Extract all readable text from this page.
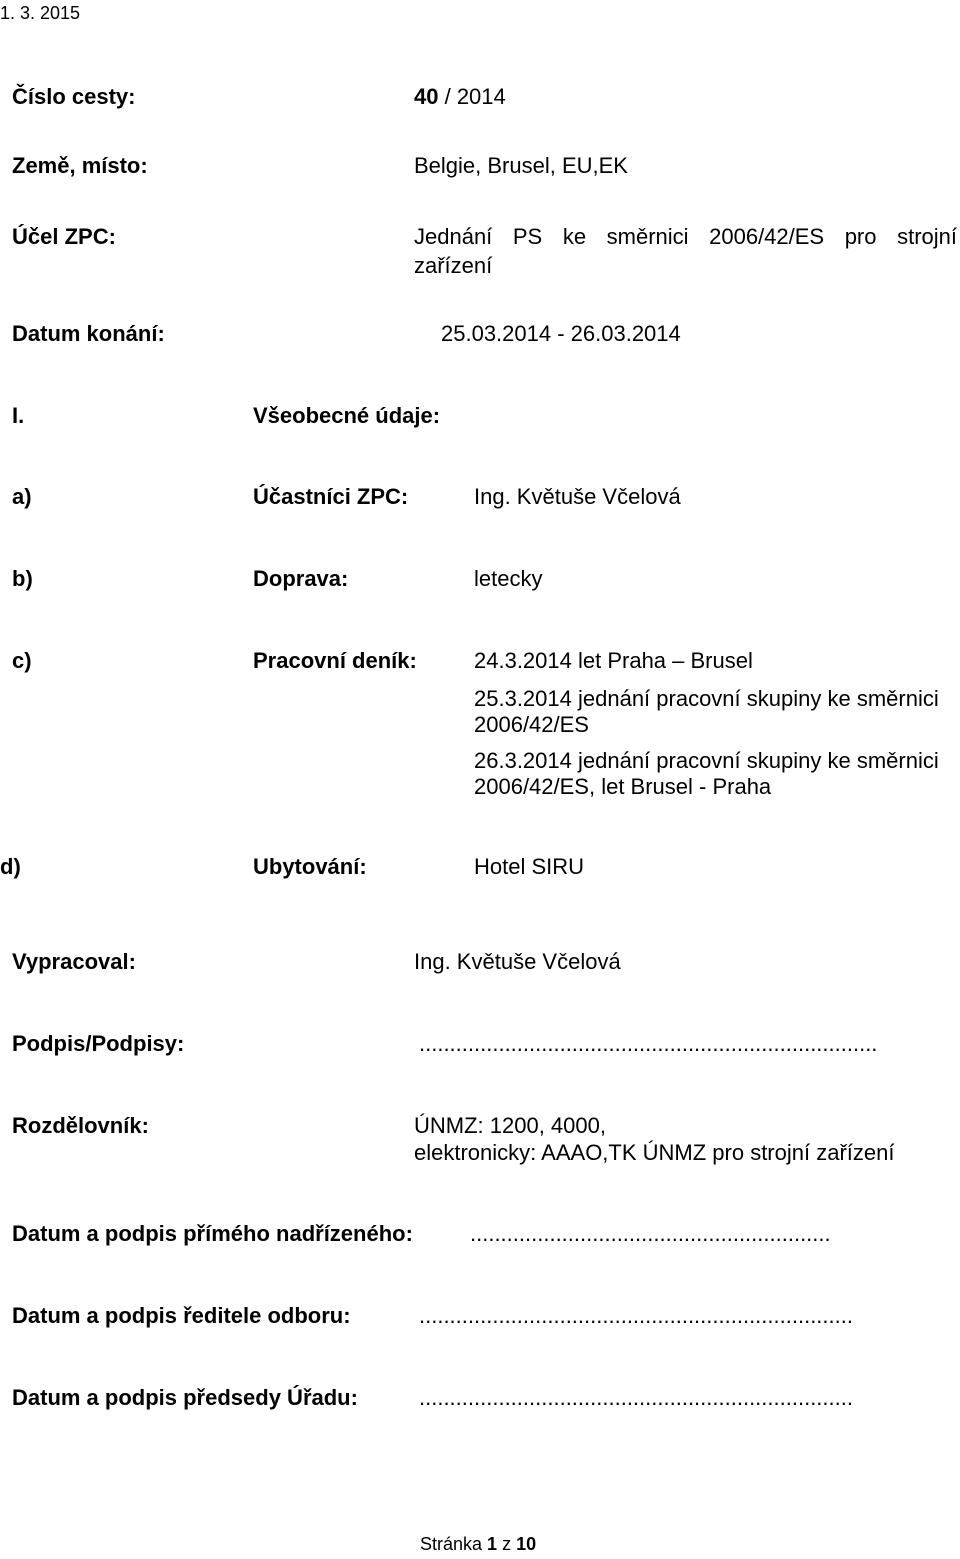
1. 3. 2015
Číslo cesty:	40 / 2014
Země, místo:	Belgie, Brusel, EU,EK
Účel ZPC:	Jednání PS ke směrnici 2006/42/ES pro strojní
zařízení
Datum konání:	25.03.2014 - 26.03.2014
I.	Všeobecné údaje:
a)	Účastníci ZPC:	Ing. Květuše Včelová
b)	Doprava:	letecky
c)	Pracovní deník:	24.3.2014 let Praha – Brusel
25.3.2014 jednání pracovní skupiny ke směrnici
2006/42/ES
26.3.2014 jednání pracovní skupiny ke směrnici
2006/42/ES, let Brusel - Praha
d)	Ubytování:	Hotel SIRU
Vypracoval:	Ing. Květuše Včelová
Podpis/Podpisy:	...........................................................................
Rozdělovník:	ÚNMZ: 1200, 4000,
elektronicky: AAAO,TK ÚNMZ pro strojní zařízení
Datum a podpis přímého nadřízeného:	...........................................................
Datum a podpis ředitele odboru:	.......................................................................
Datum a podpis předsedy Úřadu:	.......................................................................
Stránka 1 z 10
